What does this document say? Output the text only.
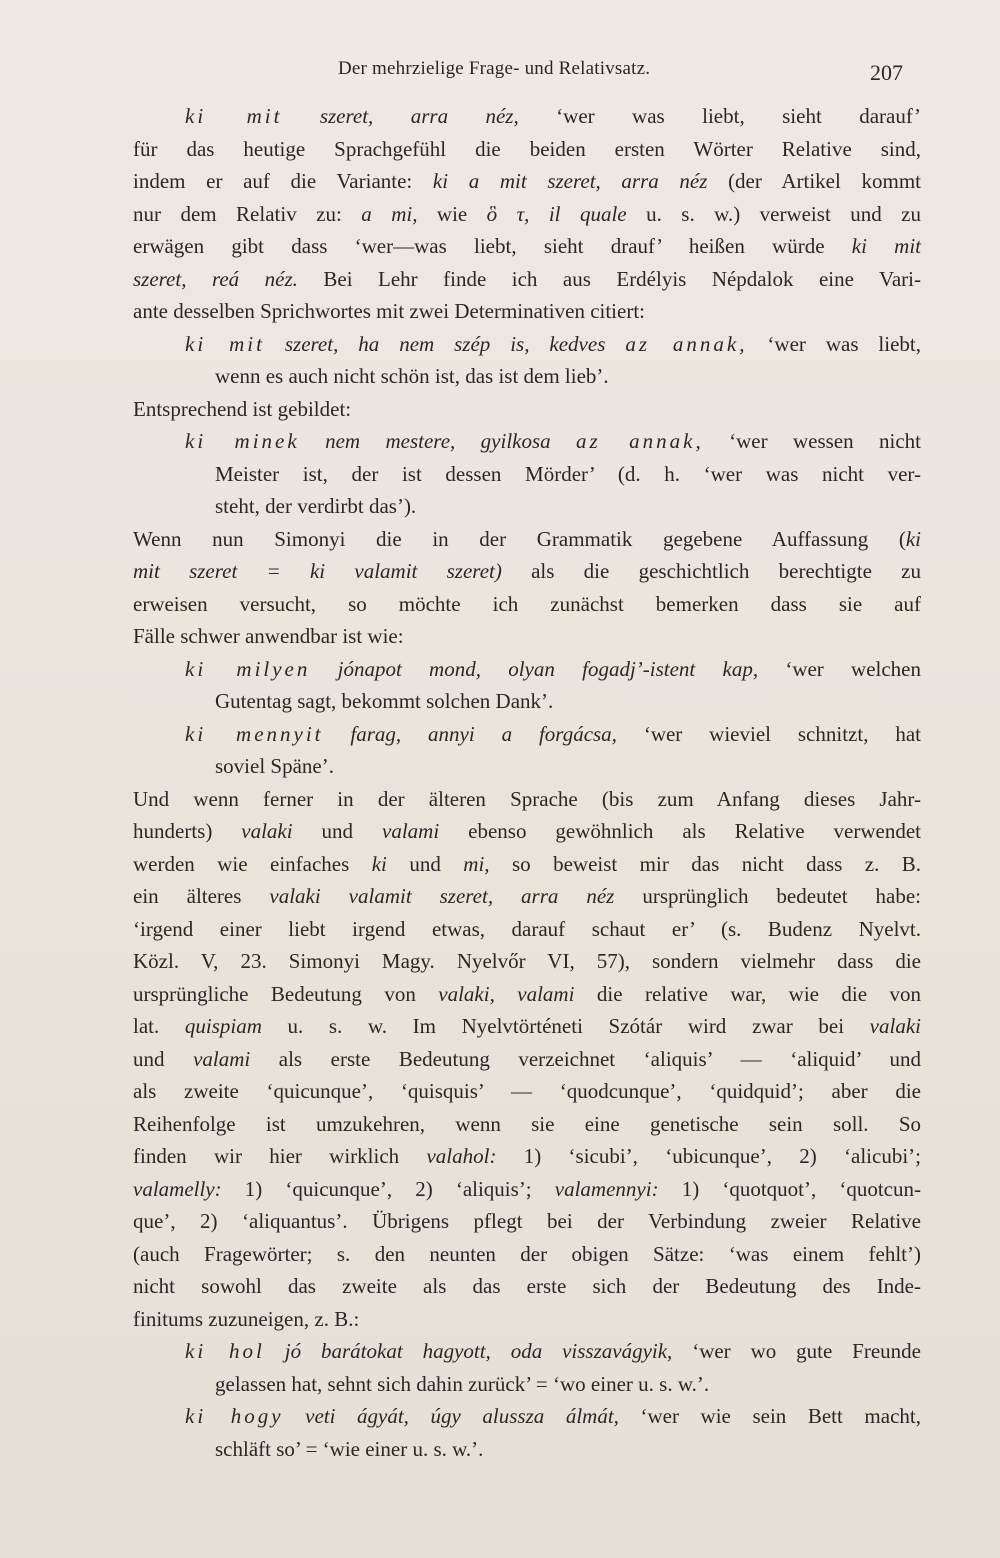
Der mehrzielige Frage- und Relativsatz.	207
ki mit szeret, arra néz, ‘wer was liebt, sieht darauf’
für das heutige Sprachgefühl die beiden ersten Wörter Relative sind,
indem er auf die Variante: ki a mit szeret, arra néz (der Artikel kommt
nur dem Relativ zu: a mi, wie ὃ τ, il quale u. s. w.) verweist und zu
erwägen gibt dass ‘wer—was liebt, sieht drauf’ heißen würde ki mit
szeret, reá néz. Bei Lehr finde ich aus Erdélyis Népdalok eine Vari-
ante desselben Sprichwortes mit zwei Determinativen citiert:
ki mit szeret, ha nem szép is, kedves az annak, ‘wer was liebt,
wenn es auch nicht schön ist, das ist dem lieb’.
Entsprechend ist gebildet:
ki minek nem mestere, gyilkosa az annak, ‘wer wessen nicht
Meister ist, der ist dessen Mörder’ (d. h. ‘wer was nicht ver-
steht, der verdirbt das’).
Wenn nun Simonyi die in der Grammatik gegebene Auffassung (ki
mit szeret = ki valamit szeret) als die geschichtlich berechtigte zu
erweisen versucht, so möchte ich zunächst bemerken dass sie auf
Fälle schwer anwendbar ist wie:
ki milyen jónapot mond, olyan fogadj’-istent kap, ‘wer welchen
Gutentag sagt, bekommt solchen Dank’.
ki mennyit farag, annyi a forgácsa, ‘wer wieviel schnitzt, hat
soviel Späne’.
Und wenn ferner in der älteren Sprache (bis zum Anfang dieses Jahr-
hunderts) valaki und valami ebenso gewöhnlich als Relative verwendet
werden wie einfaches ki und mi, so beweist mir das nicht dass z. B.
ein älteres valaki valamit szeret, arra néz ursprünglich bedeutet habe:
‘irgend einer liebt irgend etwas, darauf schaut er’ (s. Budenz Nyelvt.
Közl. V, 23. Simonyi Magy. Nyelvőr VI, 57), sondern vielmehr dass die
ursprüngliche Bedeutung von valaki, valami die relative war, wie die von
lat. quispiam u. s. w. Im Nyelvtörténeti Szótár wird zwar bei valaki
und valami als erste Bedeutung verzeichnet ‘aliquis’ — ‘aliquid’ und
als zweite ‘quicunque’, ‘quisquis’ — ‘quodcunque’, ‘quidquid’; aber die
Reihenfolge ist umzukehren, wenn sie eine genetische sein soll. So
finden wir hier wirklich valahol: 1) ‘sicubi’, ‘ubicunque’, 2) ‘alicubi’;
valamelly: 1) ‘quicunque’, 2) ‘aliquis’; valamennyi: 1) ‘quotquot’, ‘quotcun-
que’, 2) ‘aliquantus’. Übrigens pflegt bei der Verbindung zweier Relative
(auch Fragewörter; s. den neunten der obigen Sätze: ‘was einem fehlt’)
nicht sowohl das zweite als das erste sich der Bedeutung des Inde-
finitums zuzuneigen, z. B.:
ki hol jó barátokat hagyott, oda visszavágyik, ‘wer wo gute Freunde
gelassen hat, sehnt sich dahin zurück’ = ‘wo einer u. s. w.’.
ki hogy veti ágyát, úgy alussza álmát, ‘wer wie sein Bett macht,
schläft so’ = ‘wie einer u. s. w.’.
